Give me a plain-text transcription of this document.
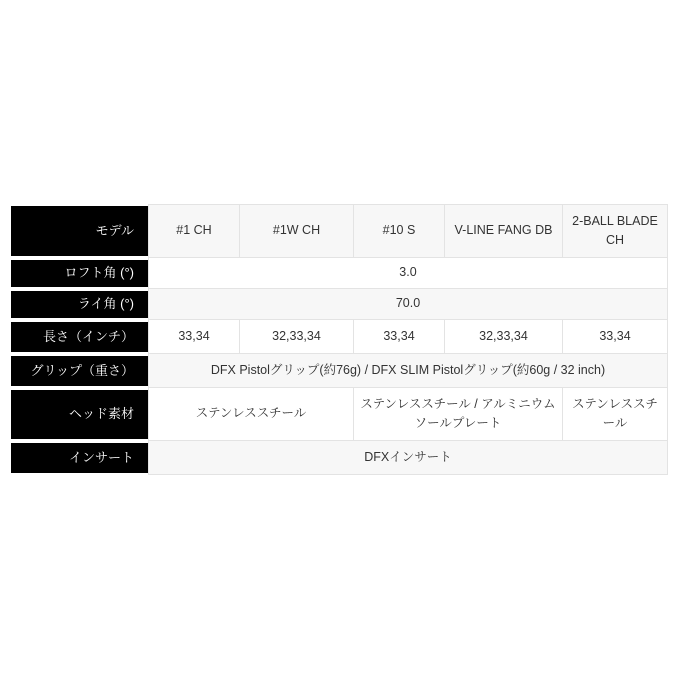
モデル	#1 CH	#1W CH	#10 S	V-LINE FANG DB	2-BALL BLADE CH
ロフト角 (°)	3.0				
ライ角 (°)	70.0				
長さ（インチ）	33,34	32,33,34	33,34	32,33,34	33,34
グリップ（重さ）	DFX Pistolグリップ(約76g) / DFX SLIM Pistolグリップ(約60g / 32 inch)				
ヘッド素材	ステンレススチール		ステンレススチール / アルミニウムソールプレート		ステンレススチール
インサート	DFXインサート				
